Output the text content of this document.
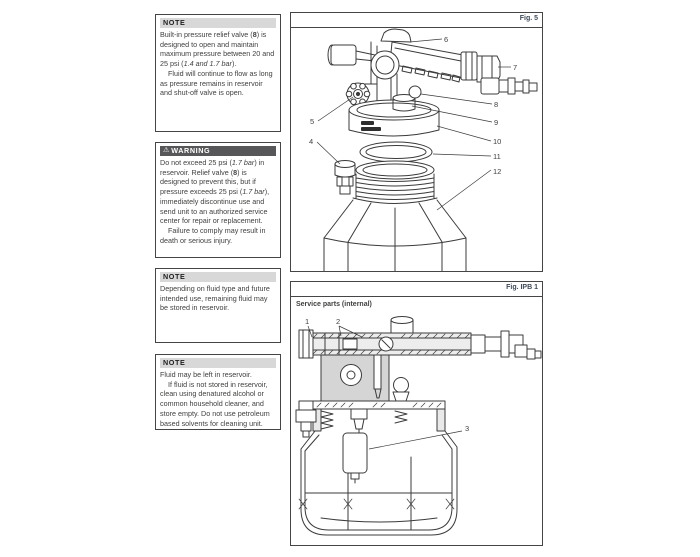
NOTE

Built-in pressure relief valve (8) is designed to open and maintain maximum pressure between 20 and 25 psi (1.4 and 1.7 bar).

Fluid will continue to flow as long as pressure remains in reservoir and shut-off valve is open.

⚠ WARNING

Do not exceed 25 psi (1.7 bar) in reservoir. Relief valve (8) is designed to prevent this, but if pressure exceeds 25 psi (1.7 bar), immediately discontinue use and send unit to an authorized service center for repair or replacement.

Failure to comply may result in death or serious injury.

NOTE

Depending on fluid type and future intended use, remaining fluid may be stored in reservoir.

NOTE

Fluid may be left in reservoir.

If fluid is not stored in reservoir, clean using denatured alcohol or common household cleaner, and store empty. Do not use petroleum based solvents for cleaning unit.

Fig. 5
4
5
6
7
8
9
10
11
12
Fig. IPB 1
Service parts (internal)
1	2
3
